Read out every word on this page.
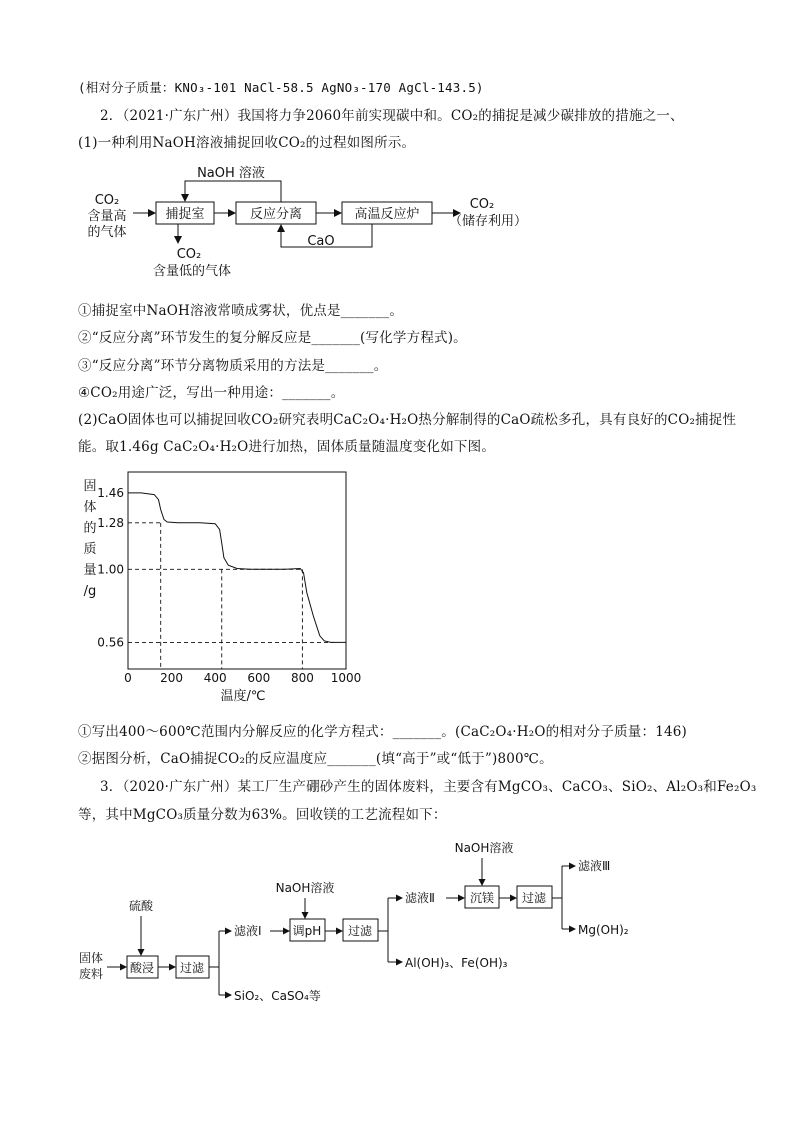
(相对分子质量：KNO₃-101 NaCl-58.5 AgNO₃-170 AgCl-143.5)
2．（2021·广东广州）我国将力争2060年前实现碳中和。CO₂的捕捉是减少碳排放的措施之一、
(1)一种利用NaOH溶液捕捉回收CO₂的过程如图所示。
CO₂
含量高
的气体
捕捉室	反应分离	高温反应炉
CO₂
（储存利用）
NaOH 溶液
CaO
CO₂
含量低的气体
①捕捉室中NaOH溶液常喷成雾状，优点是_______。
②“反应分离”环节发生的复分解反应是_______(写化学方程式)。
③“反应分离”环节分离物质采用的方法是_______。
④CO₂用途广泛，写出一种用途：_______。
(2)CaO固体也可以捕捉回收CO₂研究表明CaC₂O₄·H₂O热分解制得的CaO疏松多孔，具有良好的CO₂捕捉性
能。取1.46g CaC₂O₄·H₂O进行加热，固体质量随温度变化如下图。
固
体
的
质
量
/g
0 200 400 600 800 1000
1.46
1.28
1.00
0.56
温度/℃
①写出400～600℃范围内分解反应的化学方程式：_______。(CaC₂O₄·H₂O的相对分子质量：146)
②据图分析，CaO捕捉CO₂的反应温度应_______(填“高于”或“低于”)800℃。
3．（2020·广东广州）某工厂生产硼砂产生的固体废料，主要含有MgCO₃、CaCO₃、SiO₂、Al₂O₃和Fe₂O₃
等，其中MgCO₃质量分数为63%。回收镁的工艺流程如下：
固体
废料
硫酸
酸浸 过滤
滤液Ⅰ
SiO₂、CaSO₄等
NaOH溶液
调pH 过滤
滤液Ⅱ
Al(OH)₃、Fe(OH)₃
NaOH溶液
沉镁 过滤
滤液Ⅲ
Mg(OH)₂
